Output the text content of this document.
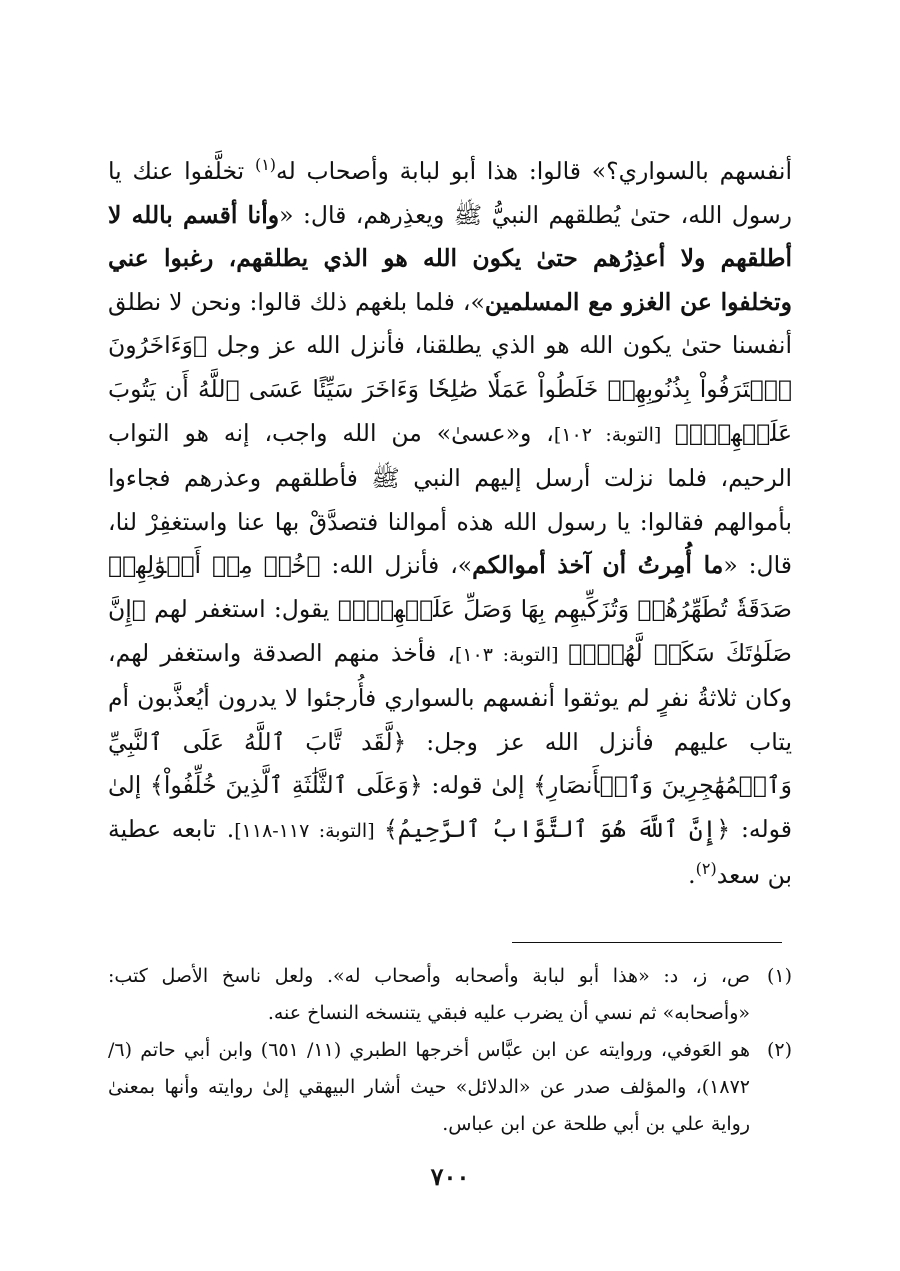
أنفسهم بالسواري؟» قالوا: هذا أبو لبابة وأصحاب له$^{(١)}$ تخلَّفوا عنك يا رسول الله، حتىٰ يُطلقهم النبيُّ ﷺ ويعذِرهم، قال: «وأنا أقسم بالله لا أطلقهم ولا أعذِرُهم حتىٰ يكون الله هو الذي يطلقهم، رغبوا عني وتخلفوا عن الغزو مع المسلمين»، فلما بلغهم ذلك قالوا: ونحن لا نطلق أنفسنا حتىٰ يكون الله هو الذي يطلقنا، فأنزل الله عز وجل ﴿وَءَاخَرُونَ ٱعۡتَرَفُواْ بِذُنُوبِهِمۡ خَلَطُواْ عَمَلٗا صَٰلِحٗا وَءَاخَرَ سَيِّئًا عَسَى ٱللَّهُ أَن يَتُوبَ عَلَيۡهِمۡۚ﴾ [التوبة: ١٠٢]، و«عسىٰ» من الله واجب، إنه هو التواب الرحيم، فلما نزلت أرسل إليهم النبي ﷺ فأطلقهم وعذرهم فجاءوا بأموالهم فقالوا: يا رسول الله هذه أموالنا فتصدَّقْ بها عنا واستغفِرْ لنا، قال: «ما أُمِرتُ أن آخذ أموالكم»، فأنزل الله: ﴿خُذۡ مِنۡ أَمۡوَٰلِهِمۡ صَدَقَةٗ تُطَهِّرُهُمۡ وَتُزَكِّيهِم بِهَا وَصَلِّ عَلَيۡهِمۡۖ﴾ يقول: استغفر لهم ﴿إِنَّ صَلَوٰتَكَ سَكَنٞ لَّهُمۡۗ﴾ [التوبة: ١٠٣]، فأخذ منهم الصدقة واستغفر لهم، وكان ثلاثةُ نفرٍ لم يوثقوا أنفسهم بالسواري فأُرجئوا لا يدرون أيُعذَّبون أم يتاب عليهم فأنزل الله عز وجل: ﴿لَّقَد تَّابَ ٱللَّهُ عَلَى ٱلنَّبِيِّ وَٱلۡمُهَٰجِرِينَ وَٱلۡأَنصَارِ﴾ إلىٰ قوله: ﴿وَعَلَى ٱلثَّلَٰثَةِ ٱلَّذِينَ خُلِّفُواْ﴾ إلىٰ قوله: ﴿إِنَّ ٱللَّهَ هُوَ ٱلتَّوَّابُ ٱلرَّحِيمُ﴾ [التوبة: ١١٧-١١٨]. تابعه عطية بن سعد$^{(٢)}$.
(١)
ص، ز، د: «هذا أبو لبابة وأصحابه وأصحاب له». ولعل ناسخ الأصل كتب: «وأصحابه» ثم نسي أن يضرب عليه فبقي يتنسخه النساخ عنه.
(٢)
هو العَوفي، وروايته عن ابن عبَّاس أخرجها الطبري (١١/ ٦٥١) وابن أبي حاتم (٦/ ١٨٧٢)، والمؤلف صدر عن «الدلائل» حيث أشار البيهقي إلىٰ روايته وأنها بمعنىٰ رواية علي بن أبي طلحة عن ابن عباس.
٧٠٠
